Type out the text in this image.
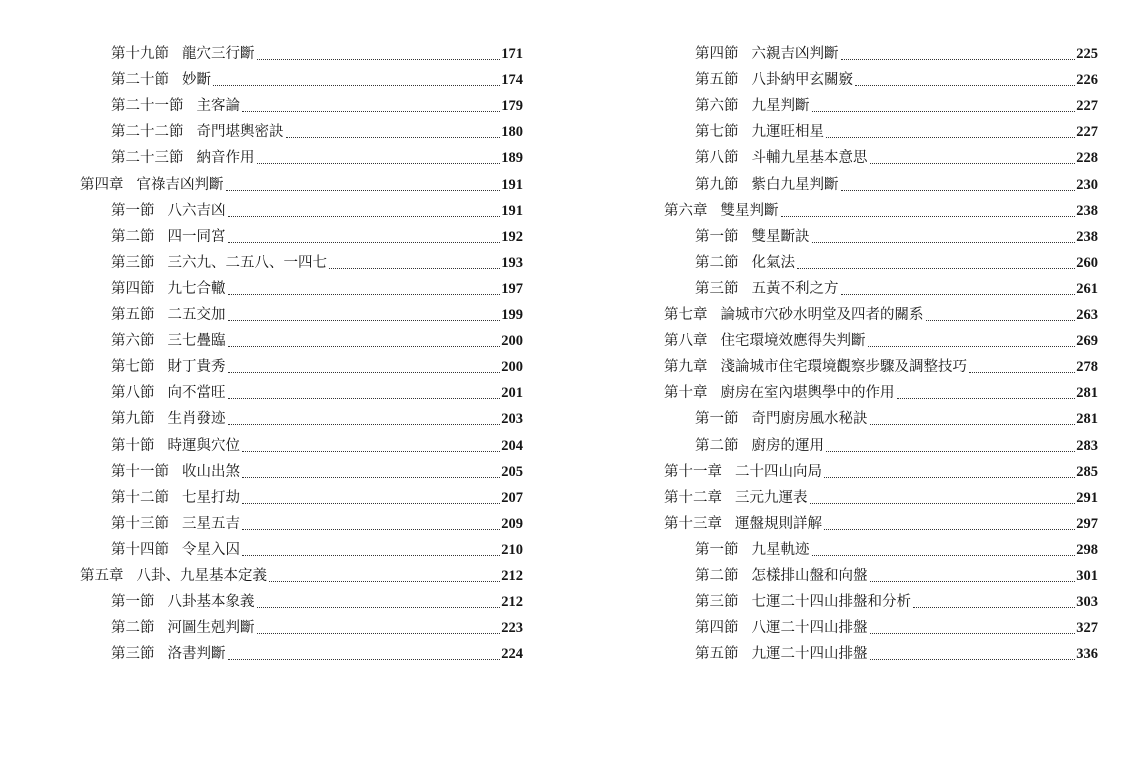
第十九節 龍穴三行斷	171
第二十節 妙斷	174
第二十一節 主客論	179
第二十二節 奇門堪輿密訣	180
第二十三節 納音作用	189
第四章 官祿吉凶判斷	191
第一節 八六吉凶	191
第二節 四一同宮	192
第三節 三六九、二五八、一四七	193
第四節 九七合轍	197
第五節 二五交加	199
第六節 三七疊臨	200
第七節 財丁貴秀	200
第八節 向不當旺	201
第九節 生肖發迹	203
第十節 時運與穴位	204
第十一節 收山出煞	205
第十二節 七星打劫	207
第十三節 三星五吉	209
第十四節 令星入囚	210
第五章 八卦、九星基本定義	212
第一節 八卦基本象義	212
第二節 河圖生剋判斷	223
第三節 洛書判斷	224
第四節 六親吉凶判斷	225
第五節 八卦納甲玄關竅	226
第六節 九星判斷	227
第七節 九運旺相星	227
第八節 斗輔九星基本意思	228
第九節 紫白九星判斷	230
第六章 雙星判斷	238
第一節 雙星斷訣	238
第二節 化氣法	260
第三節 五黃不利之方	261
第七章 論城市穴砂水明堂及四者的關系	263
第八章 住宅環境效應得失判斷	269
第九章 淺論城市住宅環境觀察步驟及調整技巧	278
第十章 廚房在室內堪輿學中的作用	281
第一節 奇門廚房風水秘訣	281
第二節 廚房的運用	283
第十一章 二十四山向局	285
第十二章 三元九運表	291
第十三章 運盤規則詳解	297
第一節 九星軌迹	298
第二節 怎樣排山盤和向盤	301
第三節 七運二十四山排盤和分析	303
第四節 八運二十四山排盤	327
第五節 九運二十四山排盤	336
